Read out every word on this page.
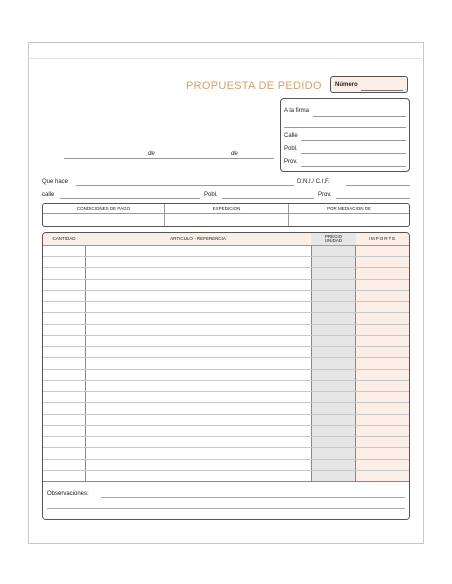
PROPUESTA DE PEDIDO	Número
de	de
A la firma
Calle
Pobl.
Prov.
Que hace	D.N.I./ C.I.F.
calle	Pobl.	Prov.
CONDICIONES DE PAGO	EXPEDICION	POR MEDIACION DE
CANTIDAD	ARTICULO - REFERENCIA	PRECIO UNIDAD	IMPORTE
Observaciones:
